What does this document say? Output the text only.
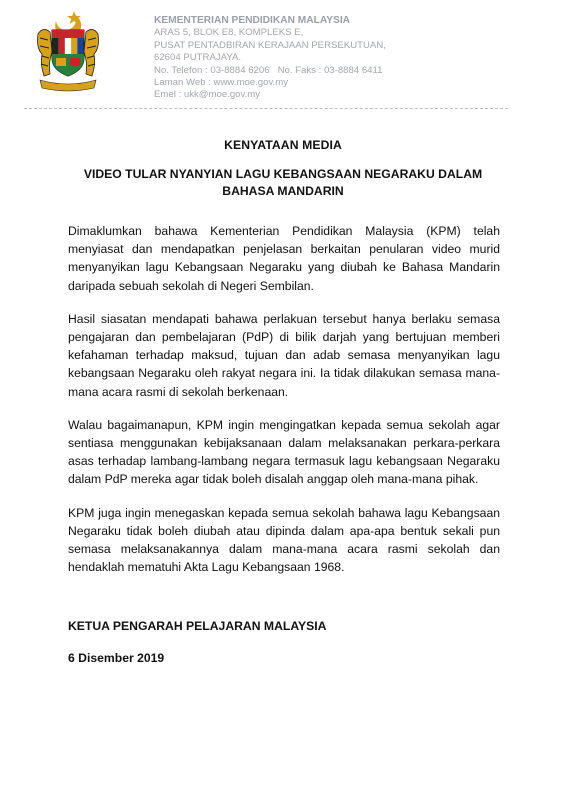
KEMENTERIAN PENDIDIKAN MALAYSIA
ARAS 5, BLOK E8, KOMPLEKS E,
PUSAT PENTADBIRAN KERAJAAN PERSEKUTUAN,
62604 PUTRAJAYA.
No. Telefon : 03-8884 6206 No. Faks : 03-8884 6411
Laman Web : www.moe.gov.my
Emel : ukk@moe.gov.my
KENYATAAN MEDIA
VIDEO TULAR NYANYIAN LAGU KEBANGSAAN NEGARAKU DALAM
BAHASA MANDARIN

Dimaklumkan bahawa Kementerian Pendidikan Malaysia (KPM) telah menyiasat dan mendapatkan penjelasan berkaitan penularan video murid menyanyikan lagu Kebangsaan Negaraku yang diubah ke Bahasa Mandarin daripada sebuah sekolah di Negeri Sembilan.

Hasil siasatan mendapati bahawa perlakuan tersebut hanya berlaku semasa pengajaran dan pembelajaran (PdP) di bilik darjah yang bertujuan memberi kefahaman terhadap maksud, tujuan dan adab semasa menyanyikan lagu kebangsaan Negaraku oleh rakyat negara ini. Ia tidak dilakukan semasa mana-mana acara rasmi di sekolah berkenaan.

Walau bagaimanapun, KPM ingin mengingatkan kepada semua sekolah agar sentiasa menggunakan kebijaksanaan dalam melaksanakan perkara-perkara asas terhadap lambang-lambang negara termasuk lagu kebangsaan Negaraku dalam PdP mereka agar tidak boleh disalah anggap oleh mana-mana pihak.

KPM juga ingin menegaskan kepada semua sekolah bahawa lagu Kebangsaan Negaraku tidak boleh diubah atau dipinda dalam apa-apa bentuk sekali pun semasa melaksanakannya dalam mana-mana acara rasmi sekolah dan hendaklah mematuhi Akta Lagu Kebangsaan 1968.

KETUA PENGARAH PELAJARAN MALAYSIA
6 Disember 2019
